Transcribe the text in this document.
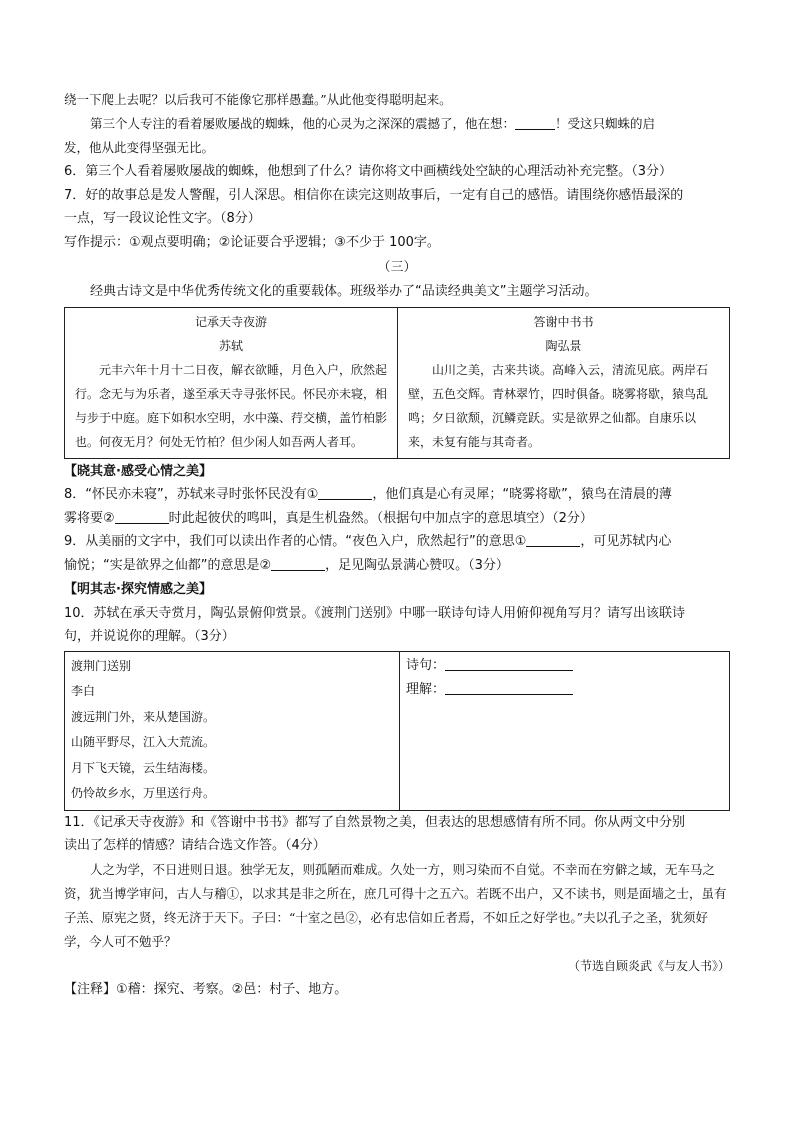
绕一下爬上去呢？以后我可不能像它那样愚蠢。”从此他变得聪明起来。

第三个人专注的看着屡败屡战的蜘蛛，他的心灵为之深深的震撼了，他在想：	！受这只蜘蛛的启

发，他从此变得坚强无比。

6．第三个人看着屡败屡战的蜘蛛，他想到了什么？请你将文中画横线处空缺的心理活动补充完整。（3分）

7．好的故事总是发人警醒，引人深思。相信你在读完这则故事后，一定有自己的感悟。请围绕你感悟最深的

一点，写一段议论性文字。（8分）

写作提示：①观点要明确；②论证要合乎逻辑；③不少于 100字。

（三）

经典古诗文是中华优秀传统文化的重要载体。班级举办了“品读经典美文”主题学习活动。

记承天寺夜游
苏轼

元丰六年十月十二日夜，解衣欲睡，月色入户，欣然起行。念无与为乐者，遂至承天寺寻张怀民。怀民亦未寝，相与步于中庭。庭下如积水空明，水中藻、荇交横，盖竹柏影也。何夜无月？何处无竹柏？但少闲人如吾两人者耳。

答谢中书书
陶弘景

山川之美，古来共谈。高峰入云，清流见底。两岸石壁，五色交辉。青林翠竹，四时俱备。晓雾将歇，猿鸟乱鸣；夕日欲颓，沉鳞竞跃。实是欲界之仙都。自康乐以来，未复有能与其奇者。

【晓其意·感受心情之美】

8．“怀民亦未寝”，苏轼来寻时张怀民没有①	，他们真是心有灵犀；“晓雾将歇”，猿鸟在清晨的薄

雾将要②	时此起彼伏的鸣叫，真是生机盎然。（根据句中加点字的意思填空）（2分）

9．从美丽的文字中，我们可以读出作者的心情。“夜色入户，欣然起行”的意思①	，可见苏轼内心

愉悦；“实是欲界之仙都”的意思是②	，足见陶弘景满心赞叹。（3分）

【明其志·探究情感之美】

10．苏轼在承天寺赏月，陶弘景俯仰赏景。《渡荆门送别》中哪一联诗句诗人用俯仰视角写月？请写出该联诗

句，并说说你的理解。（3分）

渡荆门送别

李白

渡远荆门外，来从楚国游。

山随平野尽，江入大荒流。

月下飞天镜，云生结海楼。

仍怜故乡水，万里送行舟。

诗句：

理解：

11．《记承天寺夜游》和《答谢中书书》都写了自然景物之美，但表达的思想感情有所不同。你从两文中分别

读出了怎样的情感？请结合选文作答。（4分）

人之为学，不日进则日退。独学无友，则孤陋而难成。久处一方，则习染而不自觉。不幸而在穷僻之域，无车马之资，犹当博学审问，古人与稽①，以求其是非之所在，庶几可得十之五六。若既不出户，又不读书，则是面墙之士，虽有子羔、原宪之贤，终无济于天下。子曰：“十室之邑②，必有忠信如丘者焉，不如丘之好学也。”夫以孔子之圣，犹须好学，今人可不勉乎？

（节选自顾炎武《与友人书》）

【注释】①稽：探究、考察。②邑：村子、地方。
